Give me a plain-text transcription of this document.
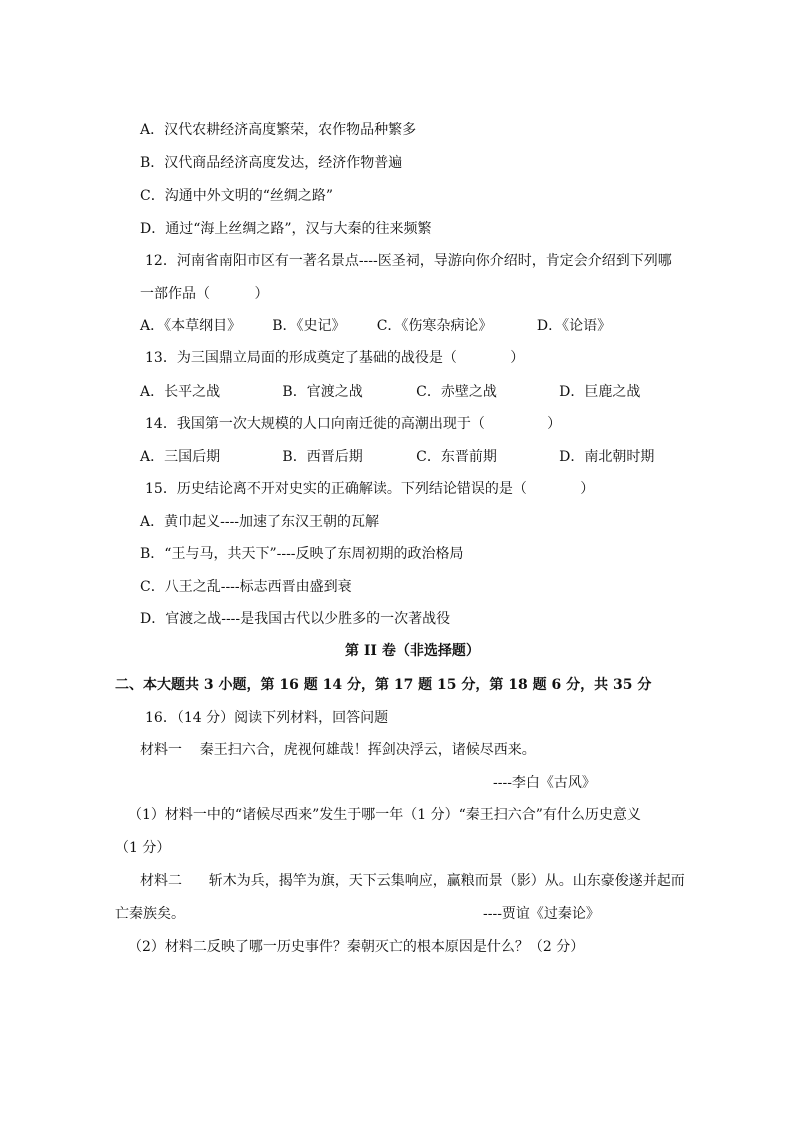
A．汉代农耕经济高度繁荣，农作物品种繁多
B．汉代商品经济高度发达，经济作物普遍
C．沟通中外文明的“丝绸之路”
D．通过“海上丝绸之路”，汉与大秦的往来频繁
12．河南省南阳市区有一著名景点----医圣祠，导游向你介绍时，肯定会介绍到下列哪
一部作品（          ）
A．《本草纲目》       B．《史记》       C．《伤寒杂病论》          D．《论语》
13．为三国鼎立局面的形成奠定了基础的战役是（            ）
A．长平之战              B．官渡之战            C．赤壁之战              D．巨鹿之战
14．我国第一次大规模的人口向南迁徙的高潮出现于（              ）
A．三国后期              B．西晋后期            C．东晋前期              D．南北朝时期
15．历史结论离不开对史实的正确解读。下列结论错误的是（            ）
A．黄巾起义----加速了东汉王朝的瓦解
B．“王与马，共天下”----反映了东周初期的政治格局
C．八王之乱----标志西晋由盛到衰
D．官渡之战----是我国古代以少胜多的一次著战役
第 II 卷（非选择题）
二、本大题共 3 小题，第 16 题 14 分，第 17 题 15 分，第 18 题 6 分，共 35 分
16．（14 分）阅读下列材料，回答问题
材料一    秦王扫六合，虎视何雄哉！挥剑决浮云，诸候尽西来。
----李白《古风》
（1）材料一中的“诸候尽西来”发生于哪一年（1 分）“秦王扫六合”有什么历史意义
（1 分）
材料二      斩木为兵，揭竿为旗，天下云集响应，赢粮而景（影）从。山东豪俊遂并起而
亡秦族矣。	----贾谊《过秦论》
（2）材料二反映了哪一历史事件？秦朝灭亡的根本原因是什么？（2 分）
